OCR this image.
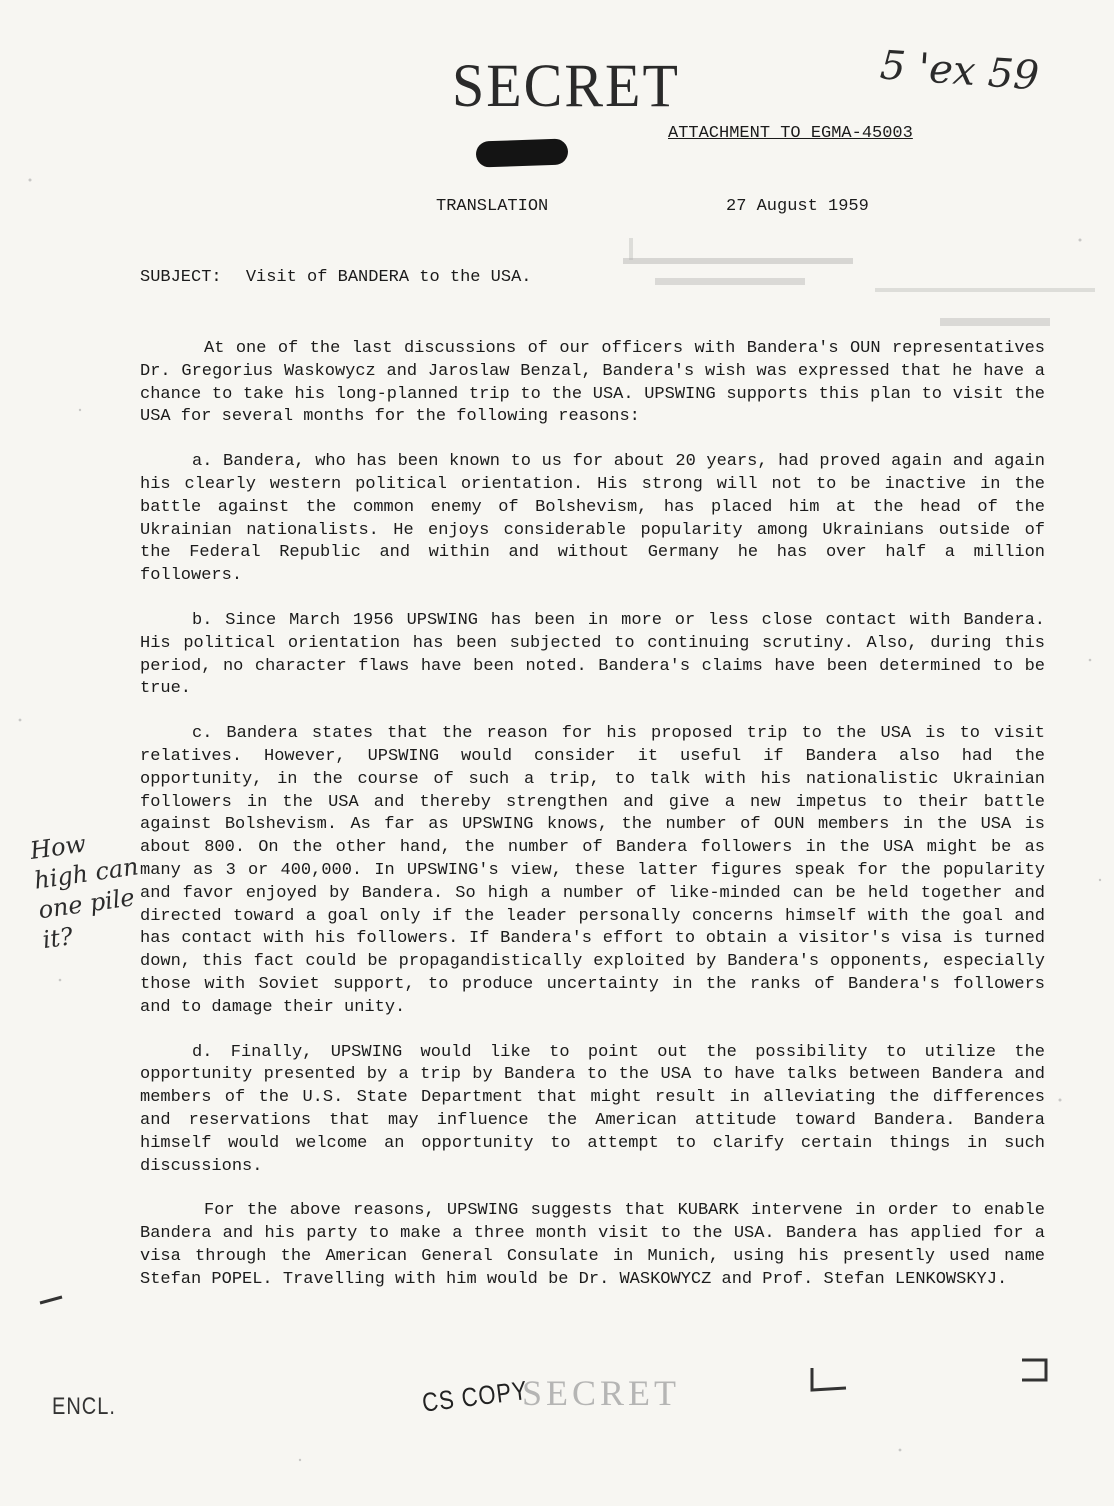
SECRET	5 'ex 59
ATTACHMENT TO EGMA-45003
TRANSLATION	27 August 1959
SUBJECT: Visit of BANDERA to the USA.

At one of the last discussions of our officers with Bandera's OUN representatives Dr. Gregorius Waskowycz and Jaroslaw Benzal, Bandera's wish was expressed that he have a chance to take his long-planned trip to the USA. UPSWING supports this plan to visit the USA for several months for the following reasons:

a. Bandera, who has been known to us for about 20 years, had proved again and again his clearly western political orientation. His strong will not to be inactive in the battle against the common enemy of Bolshevism, has placed him at the head of the Ukrainian nationalists. He enjoys considerable popularity among Ukrainians outside of the Federal Republic and within and without Germany he has over half a million followers.

b. Since March 1956 UPSWING has been in more or less close contact with Bandera. His political orientation has been subjected to continuing scrutiny. Also, during this period, no character flaws have been noted. Bandera's claims have been determined to be true.

c. Bandera states that the reason for his proposed trip to the USA is to visit relatives. However, UPSWING would consider it useful if Bandera also had the opportunity, in the course of such a trip, to talk with his nationalistic Ukrainian followers in the USA and thereby strengthen and give a new impetus to their battle against Bolshevism. As far as UPSWING knows, the number of OUN members in the USA is about 800. On the other hand, the number of Bandera followers in the USA might be as many as 3 or 400,000. In UPSWING's view, these latter figures speak for the popularity and favor enjoyed by Bandera. So high a number of like-minded can be held together and directed toward a goal only if the leader personally concerns himself with the goal and has contact with his followers. If Bandera's effort to obtain a visitor's visa is turned down, this fact could be propagandistically exploited by Bandera's opponents, especially those with Soviet support, to produce uncertainty in the ranks of Bandera's followers and to damage their unity.

d. Finally, UPSWING would like to point out the possibility to utilize the opportunity presented by a trip by Bandera to the USA to have talks between Bandera and members of the U.S. State Department that might result in alleviating the differences and reservations that may influence the American attitude toward Bandera. Bandera himself would welcome an opportunity to attempt to clarify certain things in such discussions.

For the above reasons, UPSWING suggests that KUBARK intervene in order to enable Bandera and his party to make a three month visit to the USA. Bandera has applied for a visa through the American General Consulate in Munich, using his presently used name Stefan POPEL. Travelling with him would be Dr. WASKOWYCZ and Prof. Stefan LENKOWSKYJ.

How high can one pile it?
ENCL.	CS COPY
SECRET
